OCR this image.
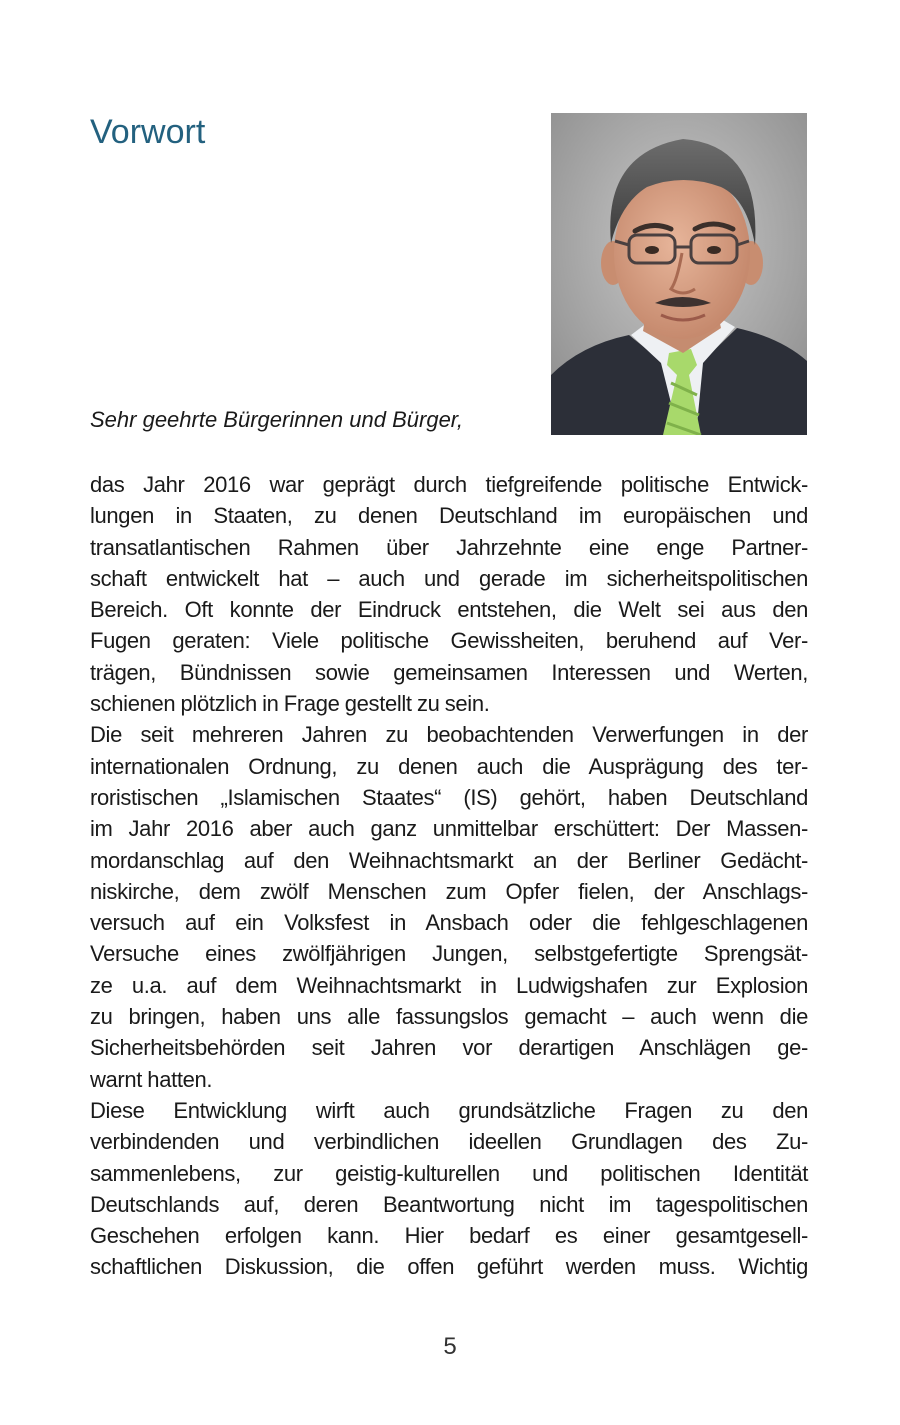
Vorwort

Sehr geehrte Bürgerinnen und Bürger,

das Jahr 2016 war geprägt durch tiefgreifende politische Entwick-
lungen in Staaten, zu denen Deutschland im europäischen und
transatlantischen Rahmen über Jahrzehnte eine enge Partner-
schaft entwickelt hat – auch und gerade im sicherheitspolitischen
Bereich. Oft konnte der Eindruck entstehen, die Welt sei aus den
Fugen geraten: Viele politische Gewissheiten, beruhend auf Ver-
trägen, Bündnissen sowie gemeinsamen Interessen und Werten,
schienen plötzlich in Frage gestellt zu sein.
Die seit mehreren Jahren zu beobachtenden Verwerfungen in der
internationalen Ordnung, zu denen auch die Ausprägung des ter-
roristischen „Islamischen Staates“ (IS) gehört, haben Deutschland
im Jahr 2016 aber auch ganz unmittelbar erschüttert: Der Massen-
mordanschlag auf den Weihnachtsmarkt an der Berliner Gedächt-
niskirche, dem zwölf Menschen zum Opfer fielen, der Anschlags-
versuch auf ein Volksfest in Ansbach oder die fehlgeschlagenen
Versuche eines zwölfjährigen Jungen, selbstgefertigte Sprengsät-
ze u.a. auf dem Weihnachtsmarkt in Ludwigshafen zur Explosion
zu bringen, haben uns alle fassungslos gemacht – auch wenn die
Sicherheitsbehörden seit Jahren vor derartigen Anschlägen ge-
warnt hatten.
Diese Entwicklung wirft auch grundsätzliche Fragen zu den
verbindenden und verbindlichen ideellen Grundlagen des Zu-
sammenlebens, zur geistig-kulturellen und politischen Identität
Deutschlands auf, deren Beantwortung nicht im tagespolitischen
Geschehen erfolgen kann. Hier bedarf es einer gesamtgesell-
schaftlichen Diskussion, die offen geführt werden muss. Wichtig
5
